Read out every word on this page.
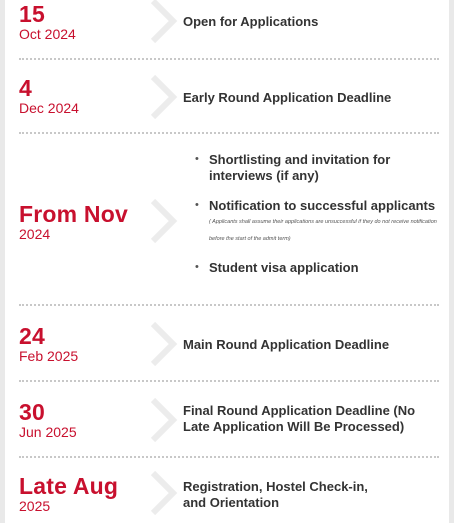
15
Oct 2024
Open for Applications
4
Dec 2024
Early Round Application Deadline
From Nov
2024
• Shortlisting and invitation for interviews (if any)
• Notification to successful applicants
( Applicants shall assume their applications are unsuccessful if they do not receive notification before the start of the admit term)
• Student visa application
24
Feb 2025
Main Round Application Deadline
30
Jun 2025
Final Round Application Deadline (No Late Application Will Be Processed)
Late Aug
2025
Registration, Hostel Check-in, and Orientation
